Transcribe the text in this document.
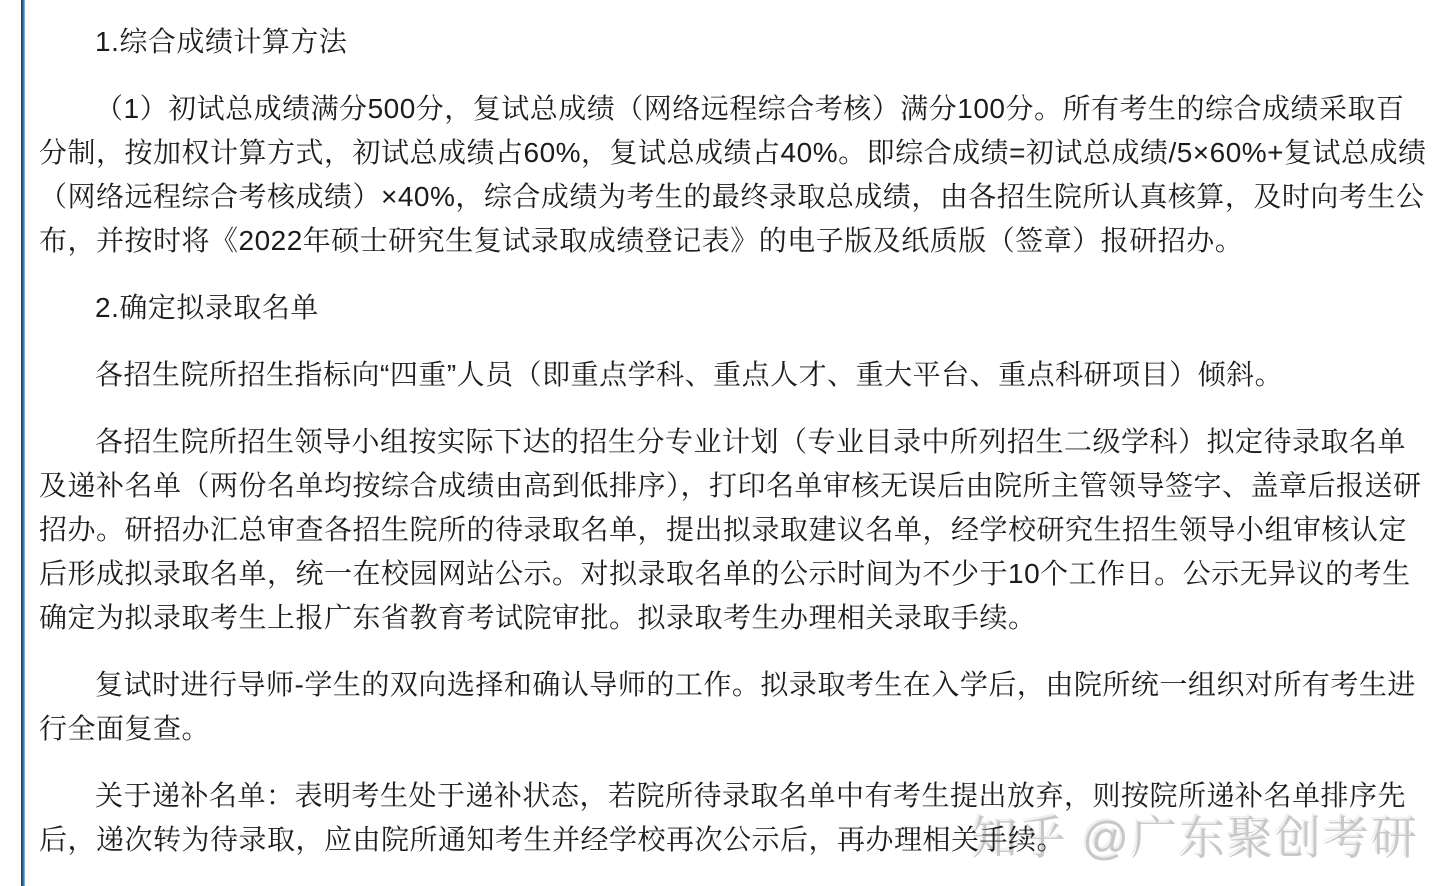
1.综合成绩计算方法

（1）初试总成绩满分500分，复试总成绩（网络远程综合考核）满分100分。所有考生的综合成绩采取百分制，按加权计算方式，初试总成绩占60%，复试总成绩占40%。即综合成绩=初试总成绩/5×60%+复试总成绩（网络远程综合考核成绩）×40%，综合成绩为考生的最终录取总成绩，由各招生院所认真核算，及时向考生公布，并按时将《2022年硕士研究生复试录取成绩登记表》的电子版及纸质版（签章）报研招办。

2.确定拟录取名单

各招生院所招生指标向“四重”人员（即重点学科、重点人才、重大平台、重点科研项目）倾斜。

各招生院所招生领导小组按实际下达的招生分专业计划（专业目录中所列招生二级学科）拟定待录取名单及递补名单（两份名单均按综合成绩由高到低排序），打印名单审核无误后由院所主管领导签字、盖章后报送研招办。研招办汇总审查各招生院所的待录取名单，提出拟录取建议名单，经学校研究生招生领导小组审核认定后形成拟录取名单，统一在校园网站公示。对拟录取名单的公示时间为不少于10个工作日。公示无异议的考生确定为拟录取考生上报广东省教育考试院审批。拟录取考生办理相关录取手续。

复试时进行导师-学生的双向选择和确认导师的工作。拟录取考生在入学后，由院所统一组织对所有考生进行全面复查。

关于递补名单：表明考生处于递补状态，若院所待录取名单中有考生提出放弃，则按院所递补名单排序先后，递次转为待录取，应由院所通知考生并经学校再次公示后，再办理相关手续。

知乎 @广东聚创考研
